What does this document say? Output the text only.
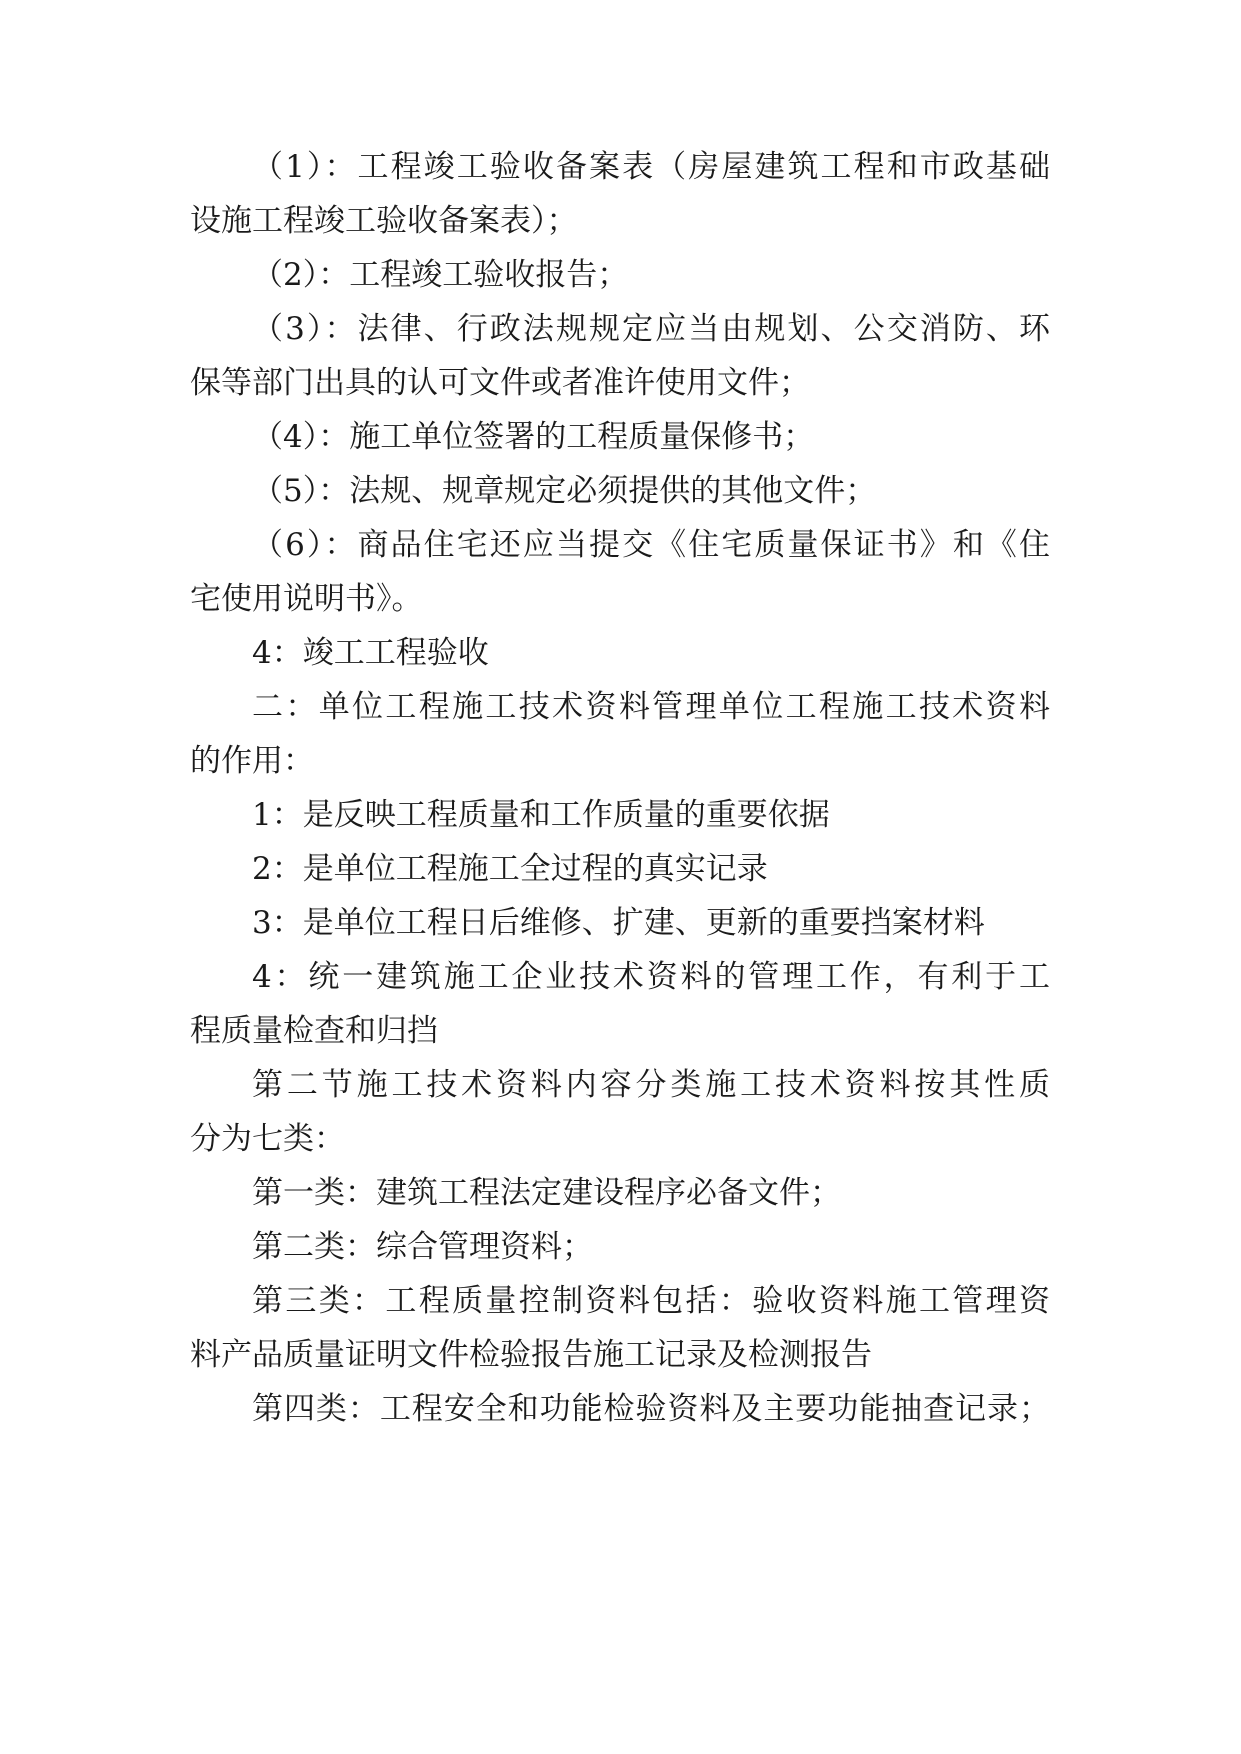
（1）：工程竣工验收备案表（房屋建筑工程和市政基础
设施工程竣工验收备案表）；
（2）：工程竣工验收报告；
（3）：法律、行政法规规定应当由规划、公交消防、环
保等部门出具的认可文件或者准许使用文件；
（4）：施工单位签署的工程质量保修书；
（5）：法规、规章规定必须提供的其他文件；
（6）：商品住宅还应当提交《住宅质量保证书》和《住
宅使用说明书》。
4：竣工工程验收
二：单位工程施工技术资料管理单位工程施工技术资料
的作用：
1：是反映工程质量和工作质量的重要依据
2：是单位工程施工全过程的真实记录
3：是单位工程日后维修、扩建、更新的重要挡案材料
4：统一建筑施工企业技术资料的管理工作，有利于工
程质量检查和归挡
第二节施工技术资料内容分类施工技术资料按其性质
分为七类：
第一类：建筑工程法定建设程序必备文件；
第二类：综合管理资料；
第三类：工程质量控制资料包括：验收资料施工管理资
料产品质量证明文件检验报告施工记录及检测报告
第四类：工程安全和功能检验资料及主要功能抽查记录；
